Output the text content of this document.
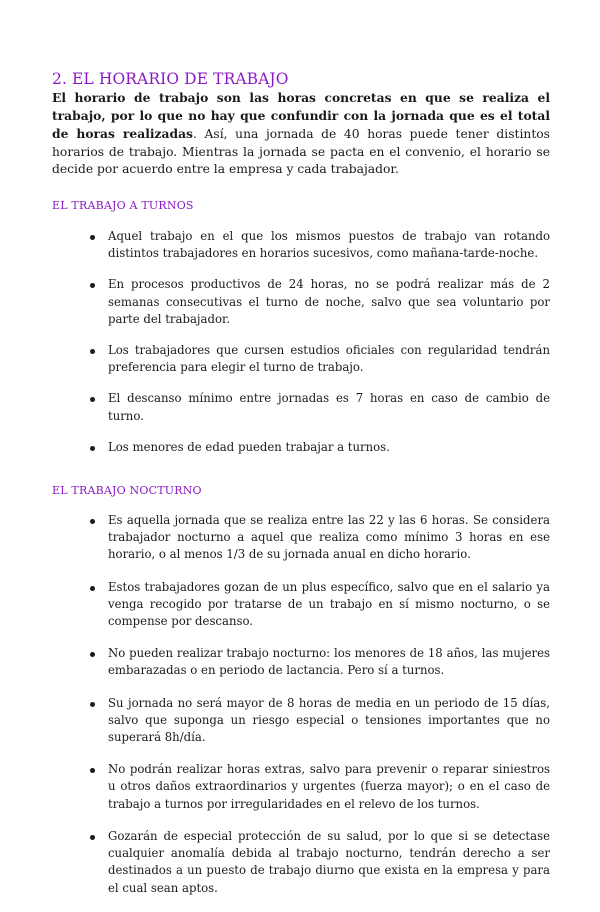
2. EL HORARIO DE TRABAJO

El horario de trabajo son las horas concretas en que se realiza el trabajo, por lo que no hay que confundir con la jornada que es el total de horas realizadas. Así, una jornada de 40 horas puede tener distintos horarios de trabajo. Mientras la jornada se pacta en el convenio, el horario se decide por acuerdo entre la empresa y cada trabajador.

EL TRABAJO A TURNOS
Aquel trabajo en el que los mismos puestos de trabajo van rotando distintos trabajadores en horarios sucesivos, como mañana-tarde-noche.
En procesos productivos de 24 horas, no se podrá realizar más de 2 semanas consecutivas el turno de noche, salvo que sea voluntario por parte del trabajador.
Los trabajadores que cursen estudios oficiales con regularidad tendrán preferencia para elegir el turno de trabajo.
El descanso mínimo entre jornadas es 7 horas en caso de cambio de turno.
Los menores de edad pueden trabajar a turnos.
EL TRABAJO NOCTURNO
Es aquella jornada que se realiza entre las 22 y las 6 horas. Se considera trabajador nocturno a aquel que realiza como mínimo 3 horas en ese horario, o al menos 1/3 de su jornada anual en dicho horario.
Estos trabajadores gozan de un plus específico, salvo que en el salario ya venga recogido por tratarse de un trabajo en sí mismo nocturno, o se compense por descanso.
No pueden realizar trabajo nocturno: los menores de 18 años, las mujeres embarazadas o en periodo de lactancia. Pero sí a turnos.
Su jornada no será mayor de 8 horas de media en un periodo de 15 días, salvo que suponga un riesgo especial o tensiones importantes que no superará 8h/día.
No podrán realizar horas extras, salvo para prevenir o reparar siniestros u otros daños extraordinarios y urgentes (fuerza mayor); o en el caso de trabajo a turnos por irregularidades en el relevo de los turnos.
Gozarán de especial protección de su salud, por lo que si se detectase cualquier anomalía debida al trabajo nocturno, tendrán derecho a ser destinados a un puesto de trabajo diurno que exista en la empresa y para el cual sean aptos.
